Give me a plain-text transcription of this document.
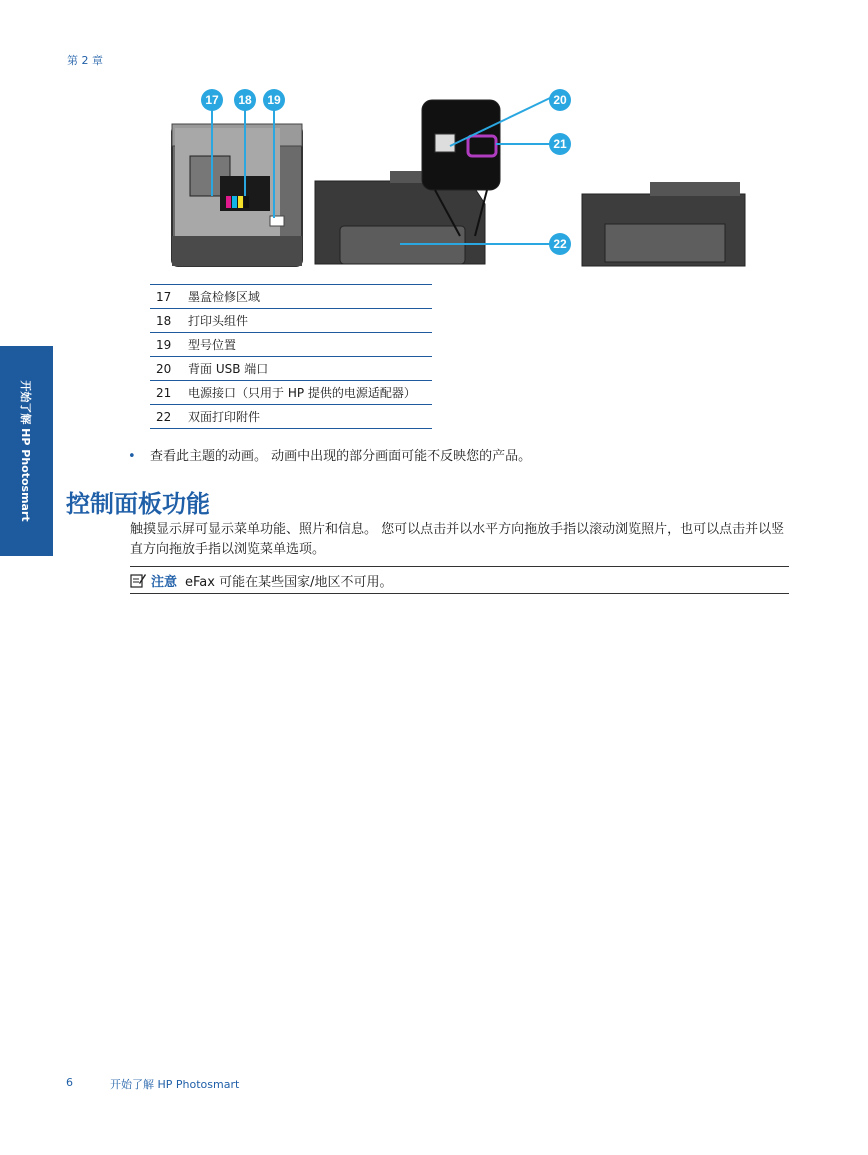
第 2 章
开始了解 HP Photosmart
17	18	19	20
21
22
17	墨盒检修区域
18	打印头组件
19	型号位置
20	背面 USB 端口
21	电源接口（只用于 HP 提供的电源适配器）
22	双面打印附件
• 查看此主题的动画。 动画中出现的部分画面可能不反映您的产品。
控制面板功能
触摸显示屏可显示菜单功能、照片和信息。 您可以点击并以水平方向拖放手指以滚动浏览照片，也可以点击并以竖直方向拖放手指以浏览菜单选项。
注意 eFax 可能在某些国家/地区不可用。
6	开始了解 HP Photosmart
